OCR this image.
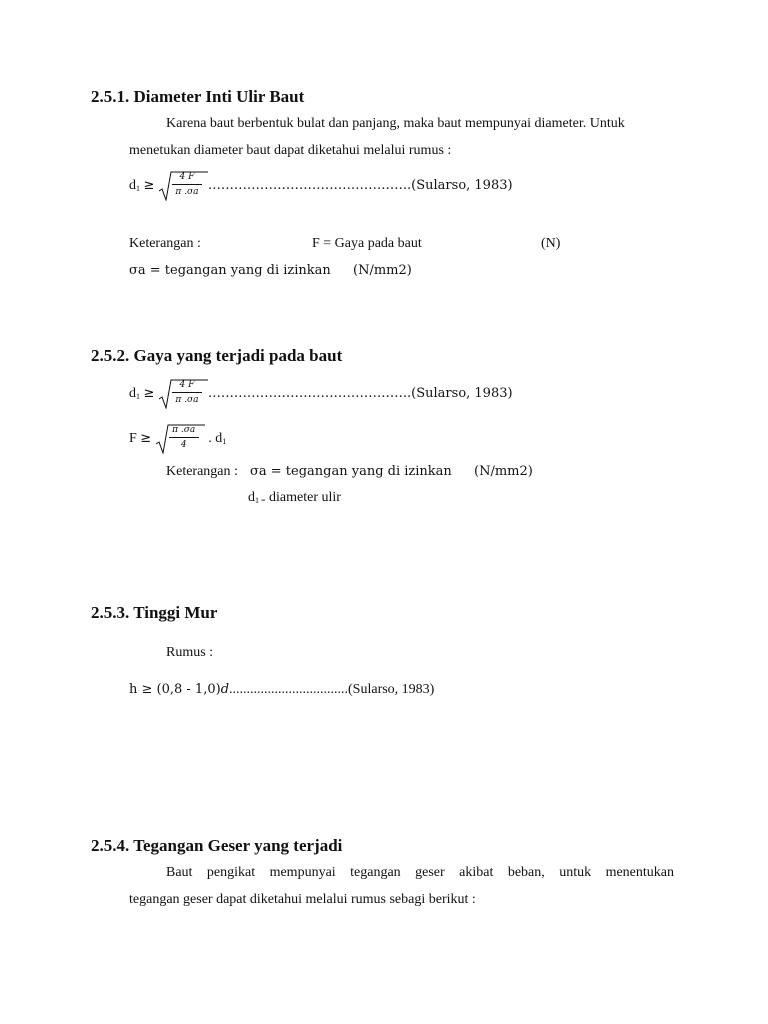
2.5.1. Diameter Inti Ulir Baut
Karena baut berbentuk bulat dan panjang, maka baut mempunyai diameter. Untuk
menetukan diameter baut dapat diketahui melalui rumus :
$d_1 \ge \frac{4 F}{\pi .\sigma a}$ ………………………………………..(Sularso, 1983)
Keterangan :	F = Gaya pada baut	(N)
σa = tegangan yang di izinkan (N/mm2)
2.5.2. Gaya yang terjadi pada baut
$d_1 \ge \frac{4 F}{\pi .\sigma a}$ ………………………………………..(Sularso, 1983)
$F \ge \frac{\pi .\sigma a}{4}$ . $d_1$
Keterangan : σa = tegangan yang di izinkan (N/mm2)
$d_{1 =}$ diameter ulir
2.5.3. Tinggi Mur
Rumus :
h ≥ (0,8 - 1,0)d..................................(Sularso, 1983)
2.5.4. Tegangan Geser yang terjadi
Baut pengikat mempunyai tegangan geser akibat beban, untuk menentukan
tegangan geser dapat diketahui melalui rumus sebagi berikut :
